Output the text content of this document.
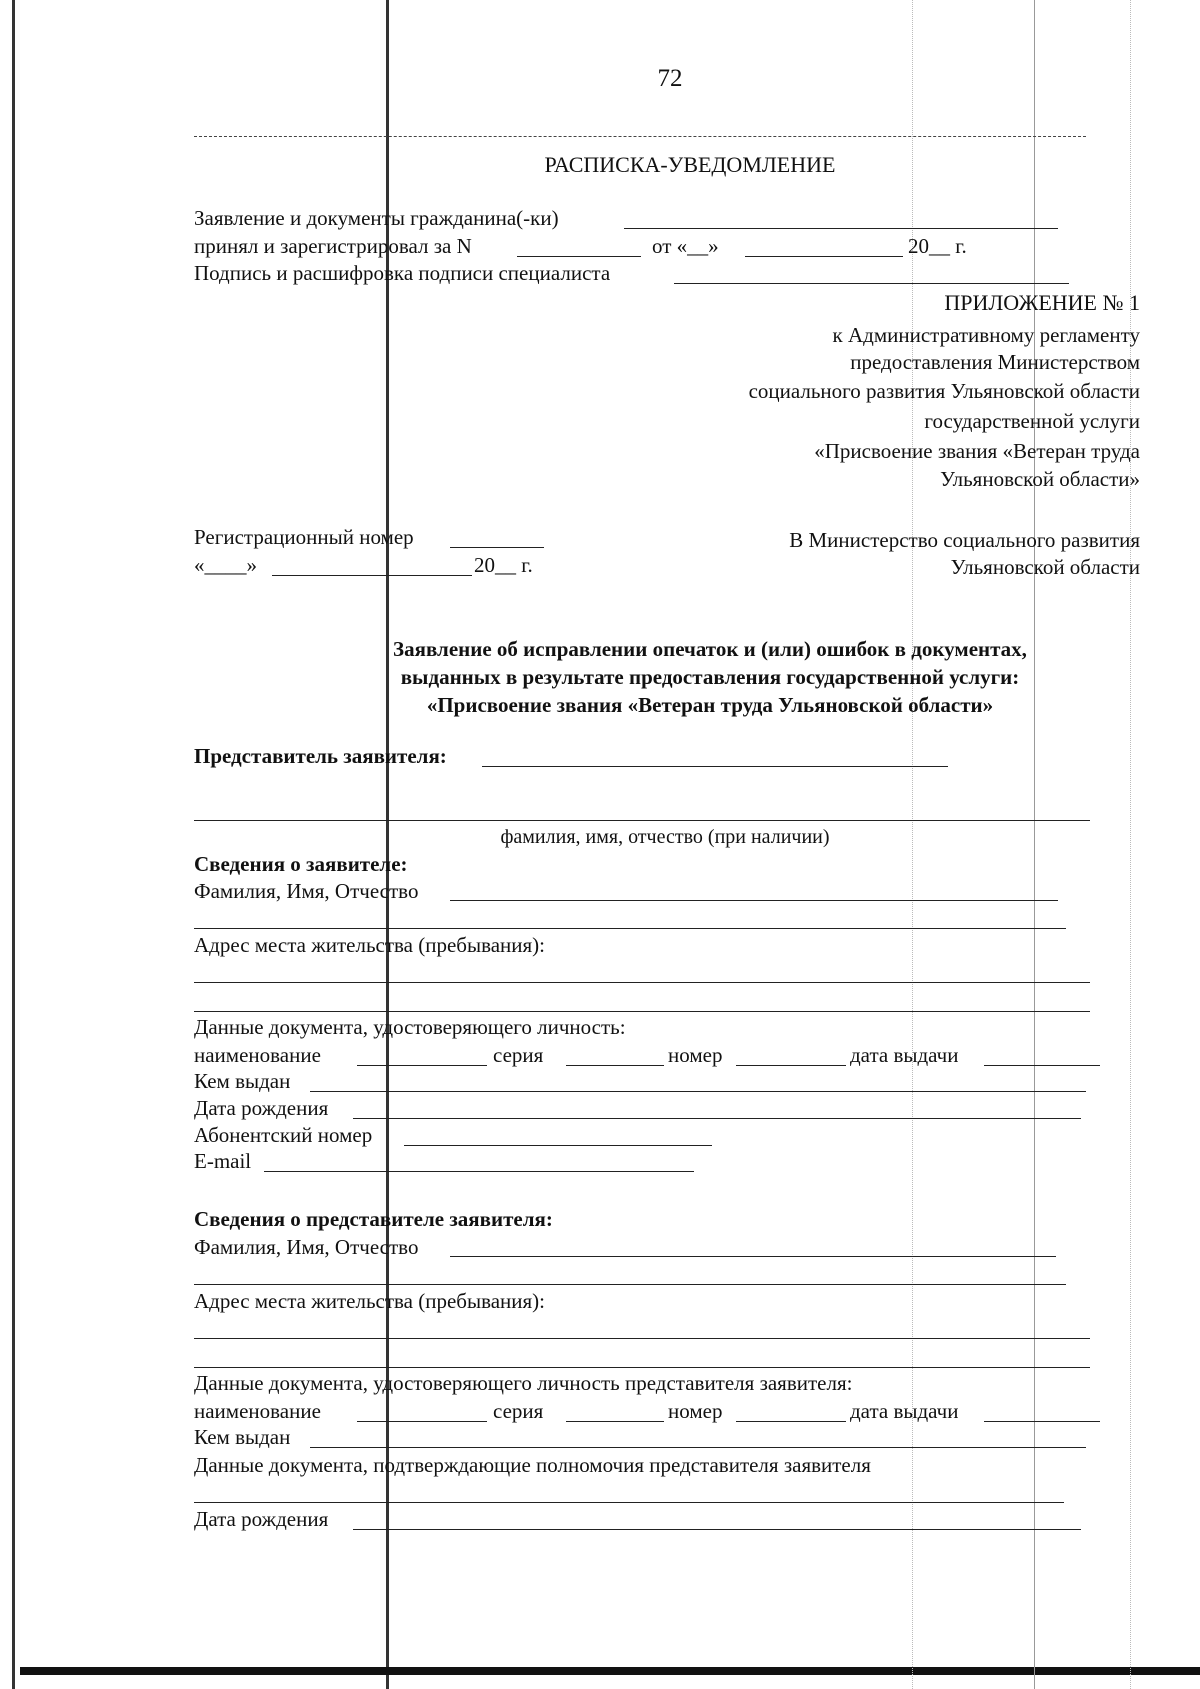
72
РАСПИСКА-УВЕДОМЛЕНИЕ
Заявление и документы гражданина(-ки)
принял и зарегистрировал за N	от «__»	20__ г.
Подпись и расшифровка подписи специалиста
ПРИЛОЖЕНИЕ № 1
к Административному регламенту
предоставления Министерством
социального развития Ульяновской области
государственной услуги
«Присвоение звания «Ветеран труда
Ульяновской области»
Регистрационный номер
«____»	20__ г.
В Министерство социального развития
Ульяновской области
Заявление об исправлении опечаток и (или) ошибок в документах,
выданных в результате предоставления государственной услуги:
«Присвоение звания «Ветеран труда Ульяновской области»
Представитель заявителя:
фамилия, имя, отчество (при наличии)
Сведения о заявителе:
Фамилия, Имя, Отчество
Адрес места жительства (пребывания):
Данные документа, удостоверяющего личность:
наименование	серия	номер	дата выдачи
Кем выдан
Дата рождения
Абонентский номер
E-mail
Сведения о представителе заявителя:
Фамилия, Имя, Отчество
Адрес места жительства (пребывания):
Данные документа, удостоверяющего личность представителя заявителя:
наименование	серия	номер	дата выдачи
Кем выдан
Данные документа, подтверждающие полномочия представителя заявителя
Дата рождения
